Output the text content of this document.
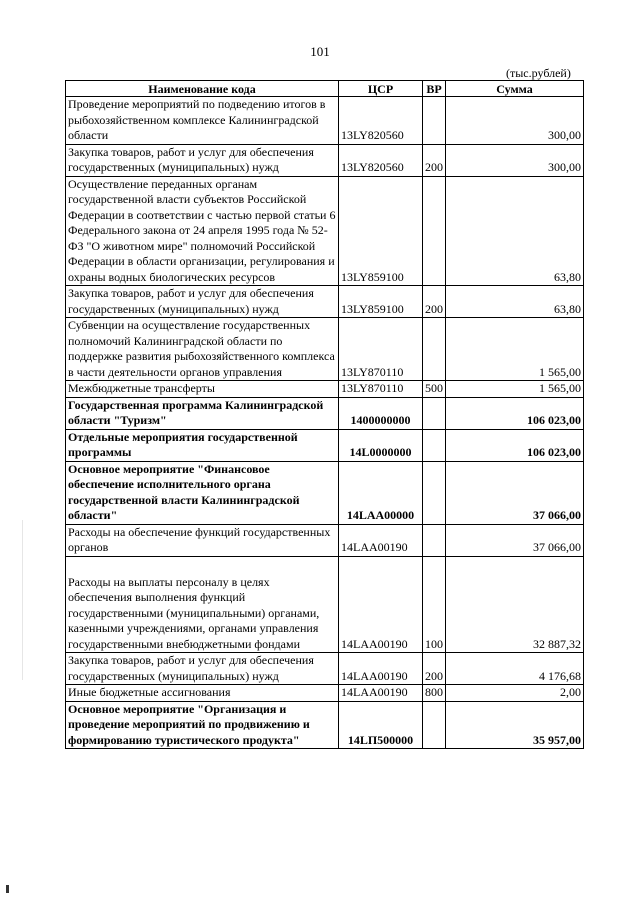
101
(тыс.рублей)
Наименование кода	ЦСР	ВР	Сумма
Проведение мероприятий по подведению итогов в рыбохозяйственном комплексе Калининградской области	13LY820560		300,00
Закупка товаров, работ и услуг для обеспечения государственных (муниципальных) нужд	13LY820560	200	300,00
Осуществление переданных органам государственной власти субъектов Российской Федерации в соответствии с частью первой статьи 6 Федерального закона от 24 апреля 1995 года № 52-ФЗ "О животном мире" полномочий Российской Федерации в области организации, регулирования и охраны водных биологических ресурсов	13LY859100		63,80
Закупка товаров, работ и услуг для обеспечения государственных (муниципальных) нужд	13LY859100	200	63,80
Субвенции на осуществление государственных полномочий Калининградской области по поддержке развития рыбохозяйственного комплекса в части деятельности органов управления	13LY870110		1 565,00
Межбюджетные трансферты	13LY870110	500	1 565,00
Государственная программа Калининградской области "Туризм"	1400000000		106 023,00
Отдельные мероприятия государственной программы	14L0000000		106 023,00
Основное мероприятие "Финансовое обеспечение исполнительного органа государственной власти Калининградской области"	14LAA00000		37 066,00
Расходы на обеспечение функций государственных органов	14LAA00190		37 066,00

Расходы на выплаты персоналу в целях обеспечения выполнения функций государственными (муниципальными) органами, казенными учреждениями, органами управления государственными внебюджетными фондами	14LAA00190	100	32 887,32
Закупка товаров, работ и услуг для обеспечения государственных (муниципальных) нужд	14LAA00190	200	4 176,68
Иные бюджетные ассигнования	14LAA00190	800	2,00
Основное мероприятие "Организация и проведение мероприятий по продвижению и формированию туристического продукта"	14LП500000		35 957,00
